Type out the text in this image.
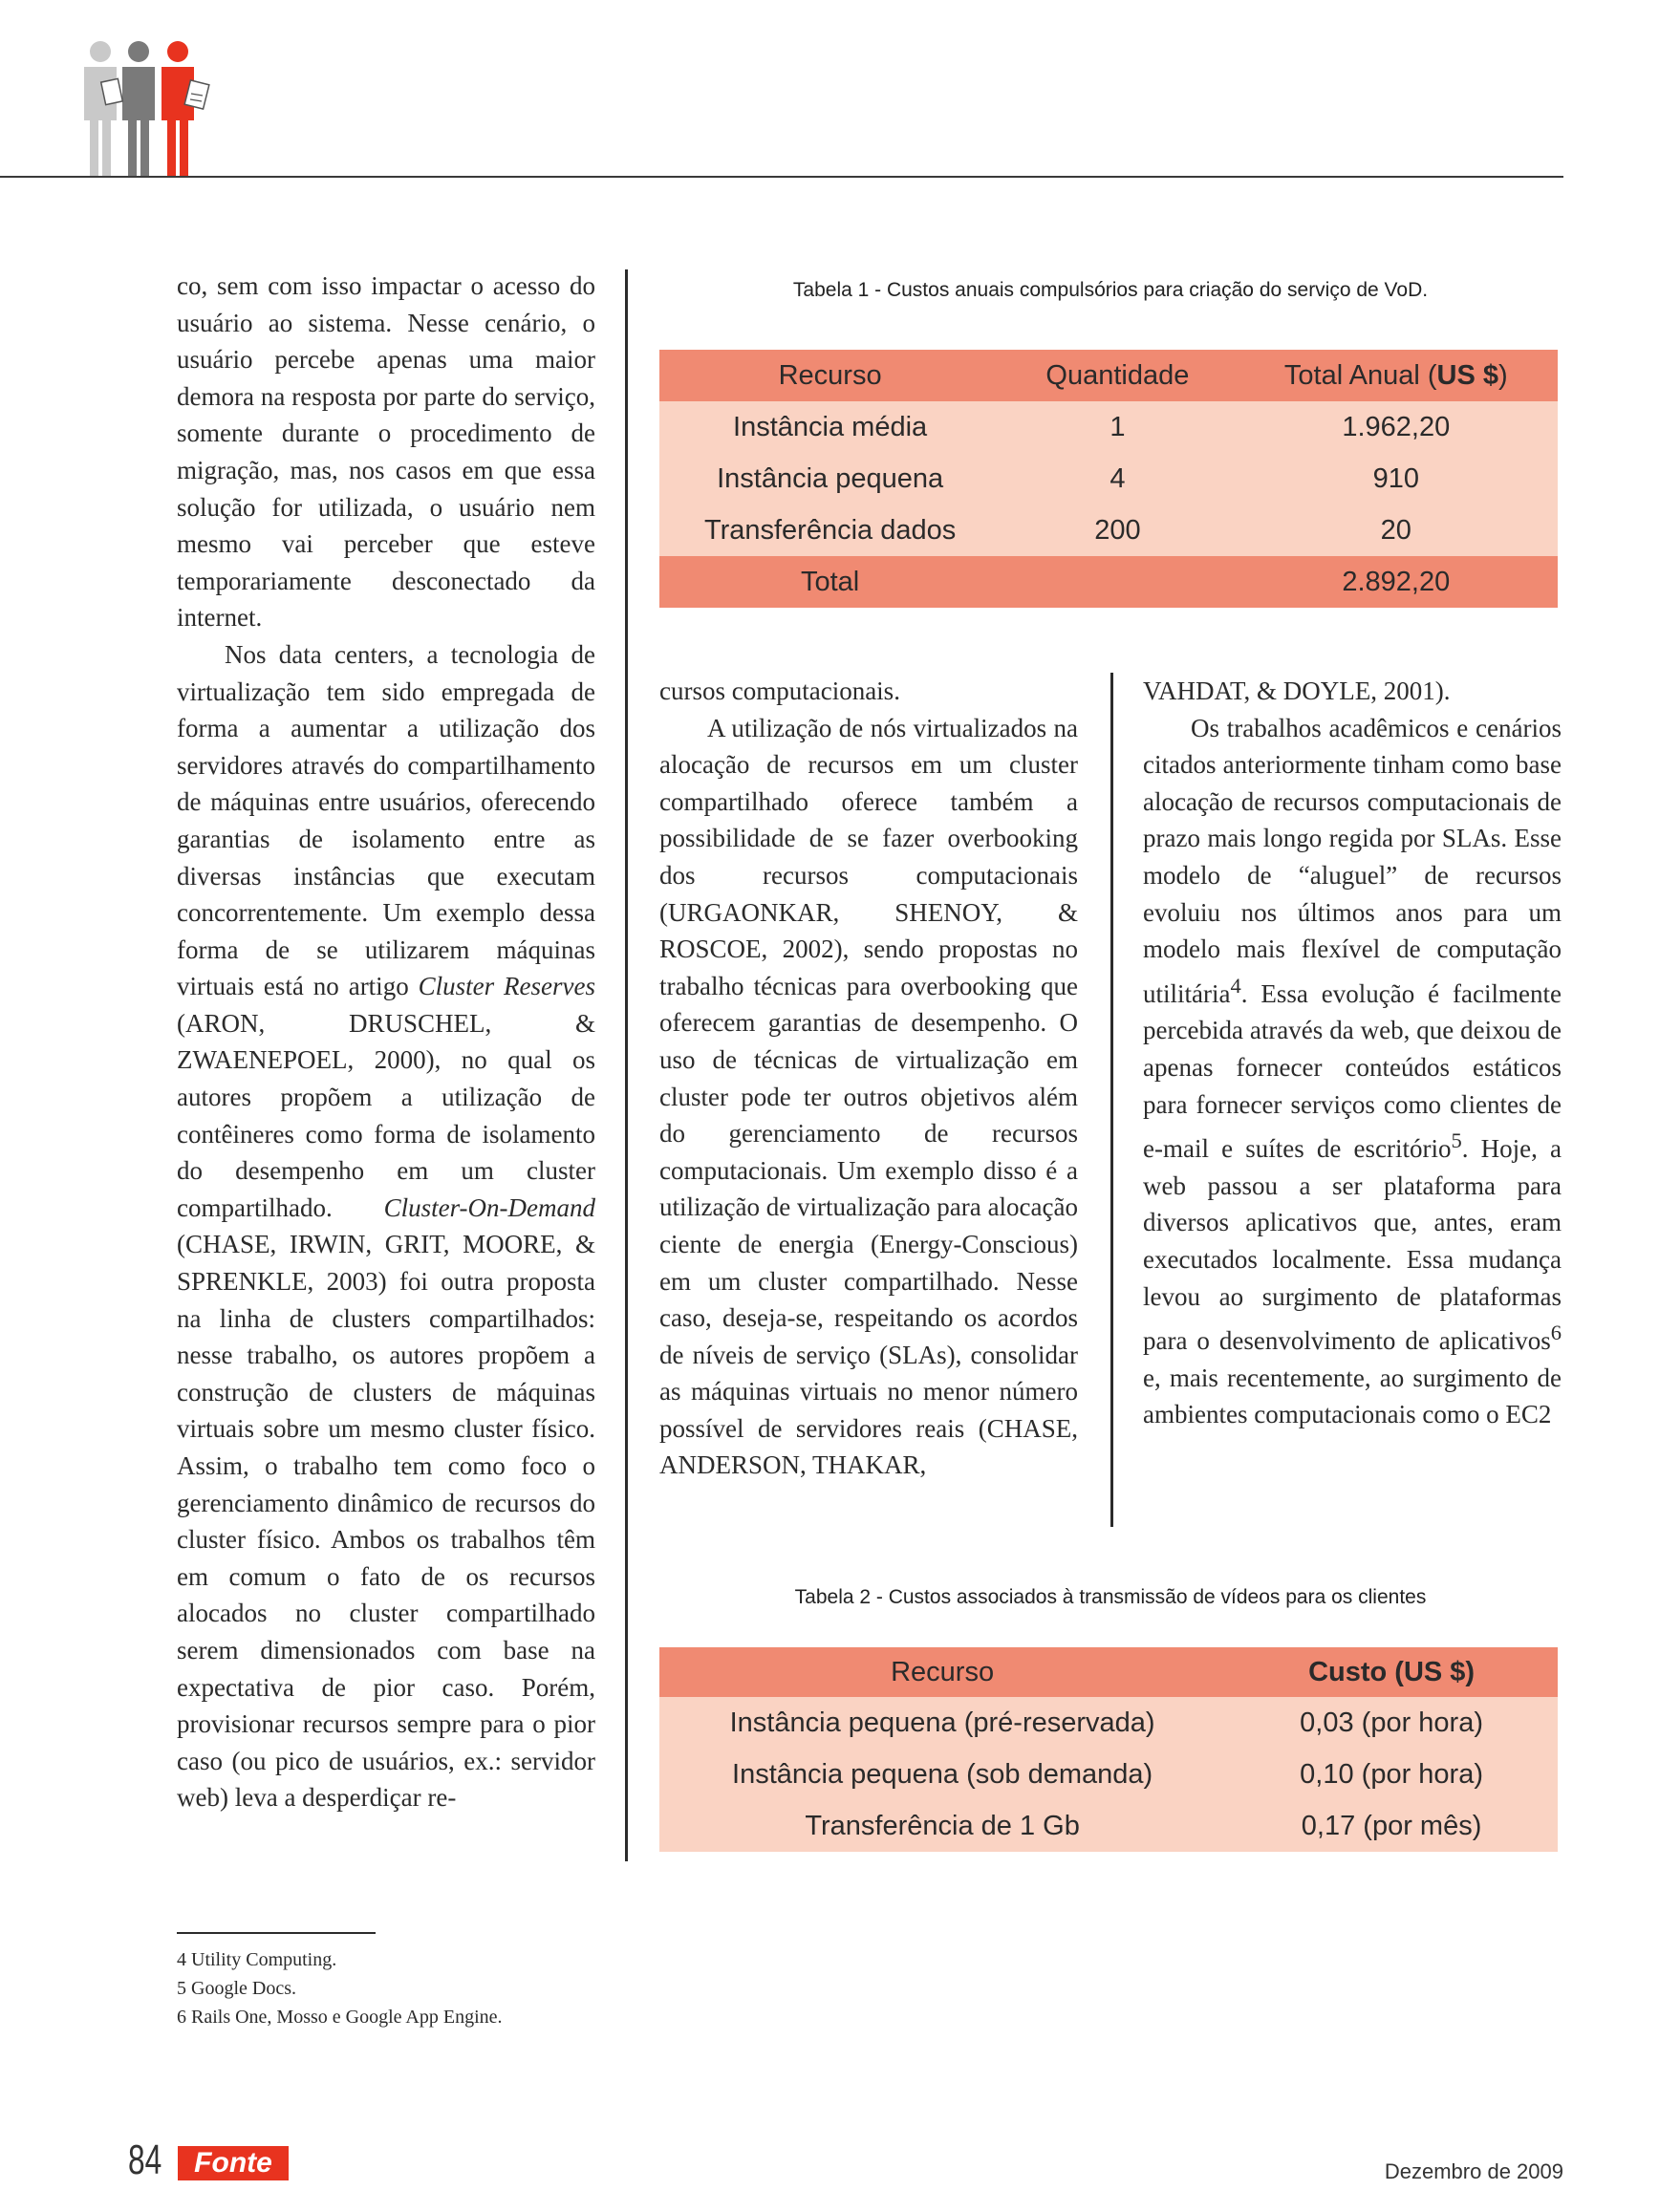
co, sem com isso impactar o acesso do usuário ao sistema. Nesse cenário, o usuário percebe apenas uma maior demora na resposta por parte do serviço, somente durante o procedimento de migração, mas, nos casos em que essa solução for utilizada, o usuário nem mesmo vai perceber que esteve temporariamente desconectado da internet.

Nos data centers, a tecnologia de virtualização tem sido empregada de forma a aumentar a utilização dos servidores através do compartilhamento de máquinas entre usuários, oferecendo garantias de isolamento entre as diversas instâncias que executam concorrentemente. Um exemplo dessa forma de se utilizarem máquinas virtuais está no artigo Cluster Reserves (ARON, DRUSCHEL, & ZWAENEPOEL, 2000), no qual os autores propõem a utilização de contêineres como forma de isolamento do desempenho em um cluster compartilhado. Cluster-On-Demand (CHASE, IRWIN, GRIT, MOORE, & SPRENKLE, 2003) foi outra proposta na linha de clusters compartilhados: nesse trabalho, os autores propõem a construção de clusters de máquinas virtuais sobre um mesmo cluster físico. Assim, o trabalho tem como foco o gerenciamento dinâmico de recursos do cluster físico. Ambos os trabalhos têm em comum o fato de os recursos alocados no cluster compartilhado serem dimensionados com base na expectativa de pior caso. Porém, provisionar recursos sempre para o pior caso (ou pico de usuários, ex.: servidor web) leva a desperdiçar re-

Tabela 1 - Custos anuais compulsórios para criação do serviço de VoD.
Recurso	Quantidade	Total Anual (US $)
Instância média	1	1.962,20
Instância pequena	4	910
Transferência dados	200	20
Total		2.892,20

cursos computacionais.

A utilização de nós virtualizados na alocação de recursos em um cluster compartilhado oferece também a possibilidade de se fazer overbooking dos recursos computacionais (URGAONKAR, SHENOY, & ROSCOE, 2002), sendo propostas no trabalho técnicas para overbooking que oferecem garantias de desempenho. O uso de técnicas de virtualização em cluster pode ter outros objetivos além do gerenciamento de recursos computacionais. Um exemplo disso é a utilização de virtualização para alocação ciente de energia (Energy-Conscious) em um cluster compartilhado. Nesse caso, deseja-se, respeitando os acordos de níveis de serviço (SLAs), consolidar as máquinas virtuais no menor número possível de servidores reais (CHASE, ANDERSON, THAKAR,

VAHDAT, & DOYLE, 2001).

Os trabalhos acadêmicos e cenários citados anteriormente tinham como base alocação de recursos computacionais de prazo mais longo regida por SLAs. Esse modelo de “aluguel” de recursos evoluiu nos últimos anos para um modelo mais flexível de computação utilitária$^4$. Essa evolução é facilmente percebida através da web, que deixou de apenas fornecer conteúdos estáticos para fornecer serviços como clientes de e-mail e suítes de escritório$^5$. Hoje, a web passou a ser plataforma para diversos aplicativos que, antes, eram executados localmente. Essa mudança levou ao surgimento de plataformas para o desenvolvimento de aplicativos$^6$ e, mais recentemente, ao surgimento de ambientes computacionais como o EC2

Tabela 2 - Custos associados à transmissão de vídeos para os clientes
Recurso	Custo (US $)
Instância pequena (pré-reservada)	0,03 (por hora)
Instância pequena (sob demanda)	0,10 (por hora)
Transferência de 1 Gb	0,17 (por mês)
4 Utility Computing.
5 Google Docs.
6 Rails One, Mosso e Google App Engine.
84	Fonte	Dezembro de 2009
